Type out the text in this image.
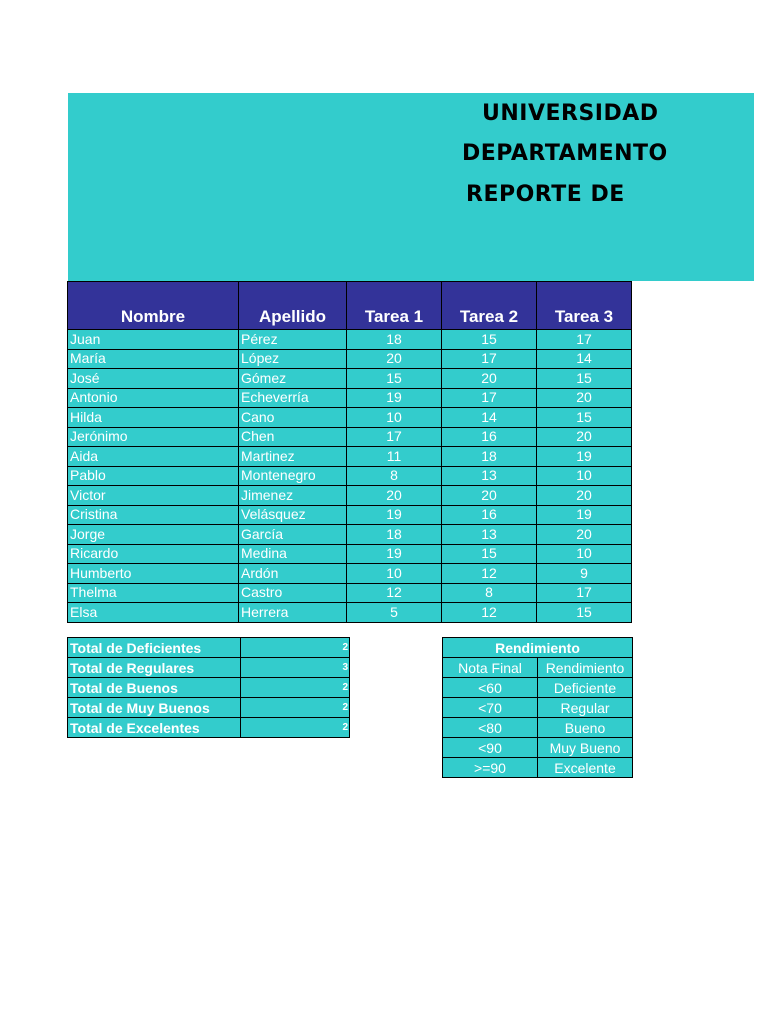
UNIVERSIDAD
DEPARTAMENTO
REPORTE DE
Nombre	Apellido	Tarea 1	Tarea 2	Tarea 3
Juan	Pérez	18	15	17
María	López	20	17	14
José	Gómez	15	20	15
Antonio	Echeverría	19	17	20
Hilda	Cano	10	14	15
Jerónimo	Chen	17	16	20
Aida	Martinez	11	18	19
Pablo	Montenegro	8	13	10
Victor	Jimenez	20	20	20
Cristina	Velásquez	19	16	19
Jorge	García	18	13	20
Ricardo	Medina	19	15	10
Humberto	Ardón	10	12	9
Thelma	Castro	12	8	17
Elsa	Herrera	5	12	15
Total de Deficientes	2
Total de Regulares	3
Total de Buenos	2
Total de Muy Buenos	2
Total de Excelentes	2
Rendimiento	
Nota Final	Rendimiento
<60	Deficiente
<70	Regular
<80	Bueno
<90	Muy Bueno
>=90	Excelente
